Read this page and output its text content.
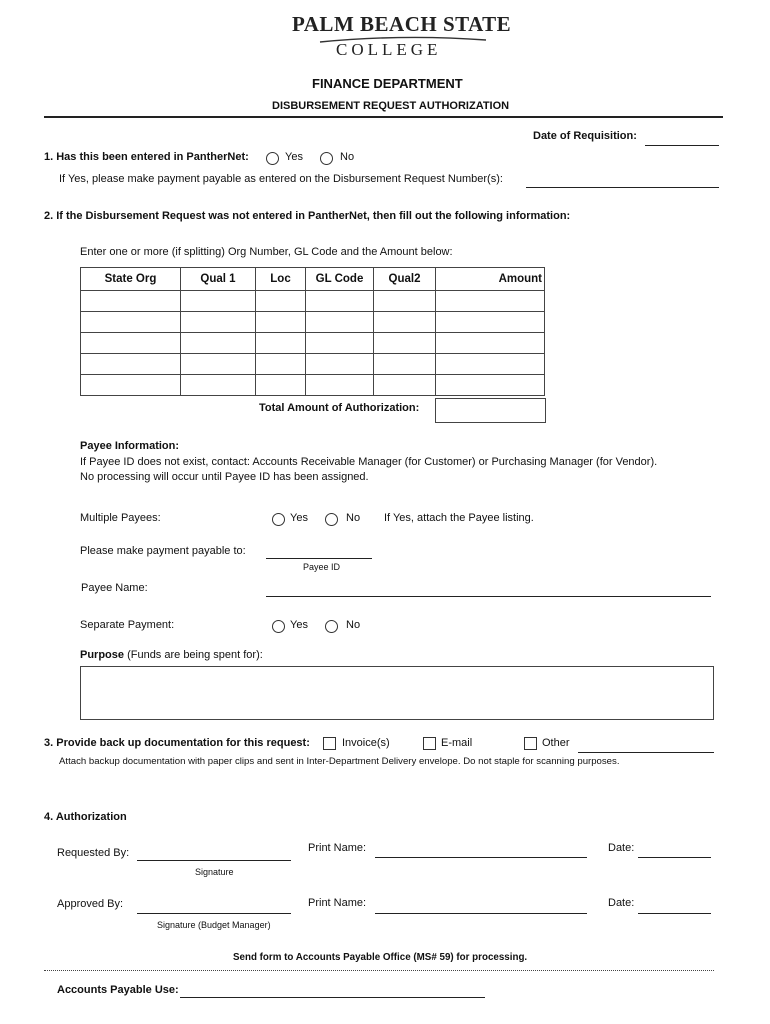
PALM BEACH STATE
COLLEGE
FINANCE DEPARTMENT
DISBURSEMENT REQUEST AUTHORIZATION
Date of Requisition:
1. Has this been entered in PantherNet:	Yes	No
If Yes, please make payment payable as entered on the Disbursement Request Number(s):
2. If the Disbursement Request was not entered in PantherNet, then fill out the following information:
Enter one or more (if splitting) Org Number, GL Code and the Amount below:
State Org	Qual 1	Loc	GL Code	Qual2	Amount

Total Amount of Authorization:
Payee Information:
If Payee ID does not exist, contact: Accounts Receivable Manager (for Customer) or Purchasing Manager (for Vendor).
No processing will occur until Payee ID has been assigned.
Multiple Payees:	Yes	No If Yes, attach the Payee listing.
Please make payment payable to:
Payee ID
Payee Name:
Separate Payment:	Yes	No
Purpose (Funds are being spent for):
3. Provide back up documentation for this request:	Invoice(s)	E-mail	Other
Attach backup documentation with paper clips and sent in Inter-Department Delivery envelope. Do not staple for scanning purposes.
4. Authorization
Requested By:
Signature
Print Name:	Date:
Approved By:
Signature (Budget Manager)
Print Name:	Date:
Send form to Accounts Payable Office (MS# 59) for processing.
Accounts Payable Use:
